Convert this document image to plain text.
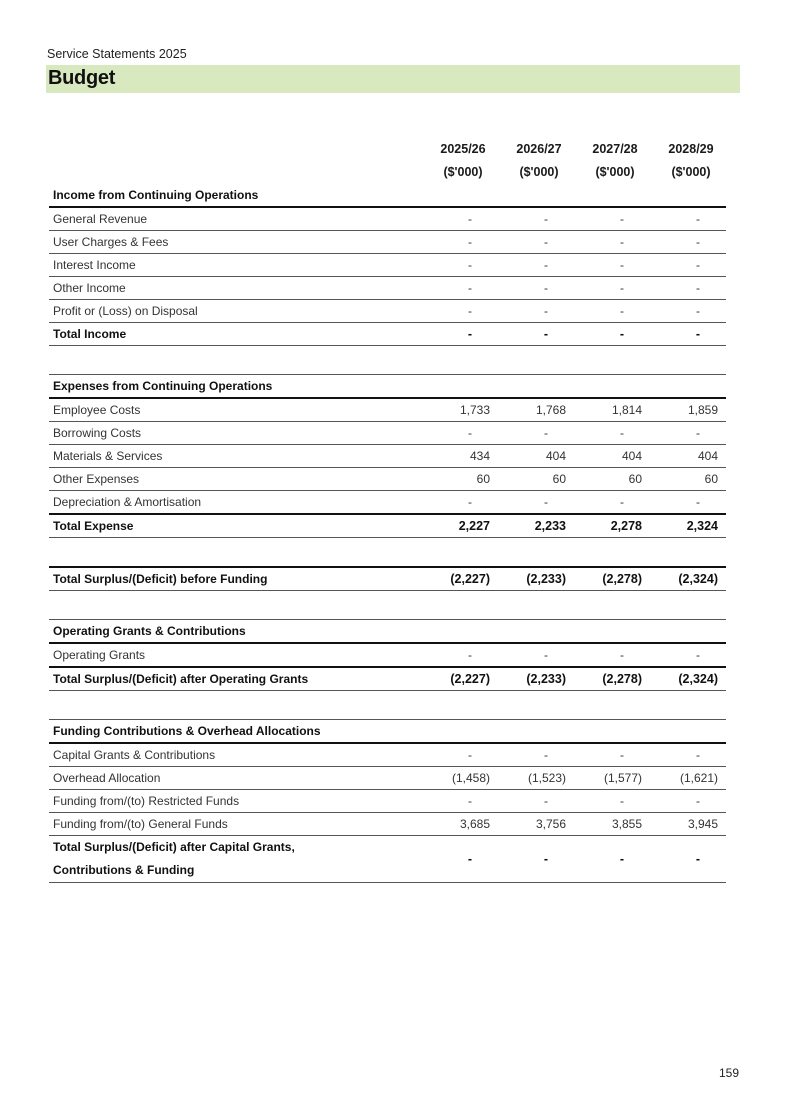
Service Statements 2025
Budget

	2025/26	2026/27	2027/28	2028/29

	($'000)	($'000)	($'000)	($'000)

Income from Continuing Operations				
General Revenue	-	-	-	-
User Charges & Fees	-	-	-	-
Interest Income	-	-	-	-
Other Income	-	-	-	-
Profit or (Loss) on Disposal	-	-	-	-
Total Income	-	-	-	-

Expenses from Continuing Operations				
Employee Costs	1,733	1,768	1,814	1,859
Borrowing Costs	-	-	-	-
Materials & Services	434	404	404	404
Other Expenses	60	60	60	60
Depreciation & Amortisation	-	-	-	-
Total Expense	2,227	2,233	2,278	2,324

Total Surplus/(Deficit) before Funding	(2,227)	(2,233)	(2,278)	(2,324)

Operating Grants & Contributions				
Operating Grants	-	-	-	-
Total Surplus/(Deficit) after Operating Grants	(2,227)	(2,233)	(2,278)	(2,324)

Funding Contributions & Overhead Allocations				
Capital Grants & Contributions	-	-	-	-
Overhead Allocation	(1,458)	(1,523)	(1,577)	(1,621)
Funding from/(to) Restricted Funds	-	-	-	-
Funding from/(to) General Funds	3,685	3,756	3,855	3,945

Total Surplus/(Deficit) after Capital Grants,
Contributions & Funding	-	-	-	-
159
